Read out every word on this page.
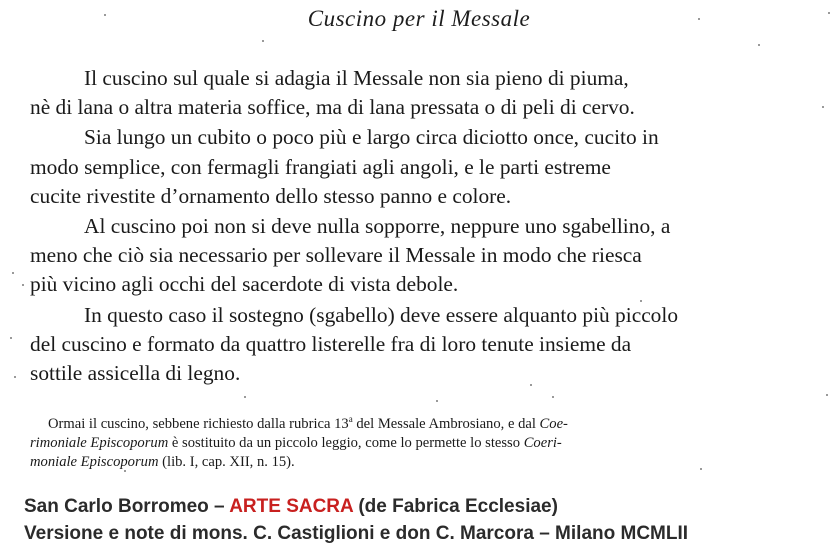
Cuscino per il Messale

Il cuscino sul quale si adagia il Messale non sia pieno di piuma,
nè di lana o altra materia soffice, ma di lana pressata o di peli di cervo.

Sia lungo un cubito o poco più e largo circa diciotto once, cucito in
modo semplice, con fermagli frangiati agli angoli, e le parti estreme
cucite rivestite d’ornamento dello stesso panno e colore.

Al cuscino poi non si deve nulla sopporre, neppure uno sgabellino, a
meno che ciò sia necessario per sollevare il Messale in modo che riesca
più vicino agli occhi del sacerdote di vista debole.

In questo caso il sostegno (sgabello) deve essere alquanto più piccolo
del cuscino e formato da quattro listerelle fra di loro tenute insieme da
sottile assicella di legno.

Ormai il cuscino, sebbene richiesto dalla rubrica 13$^a$ del Messale Ambrosiano, e dal Coe-
rimoniale Episcoporum è sostituito da un piccolo leggio, come lo permette lo stesso Coeri-
moniale Episcoporum (lib. I, cap. XII, n. 15).
San Carlo Borromeo – ARTE SACRA (de Fabrica Ecclesiae)
Versione e note di mons. C. Castiglioni e don C. Marcora – Milano MCMLII
